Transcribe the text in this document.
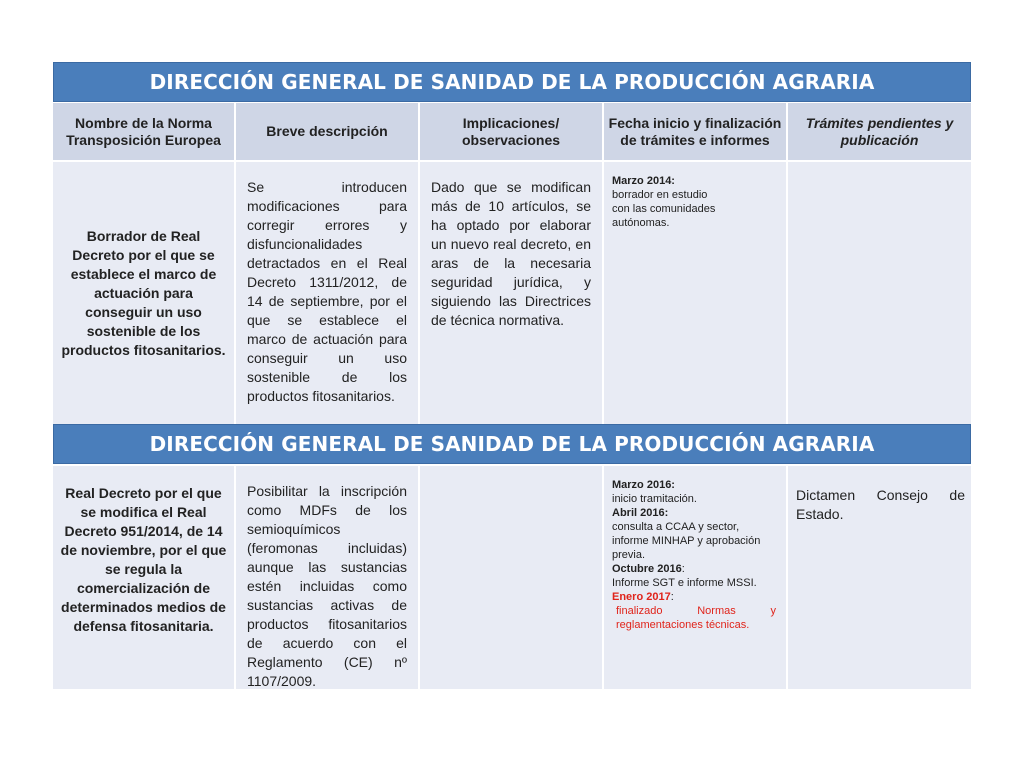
DIRECCIÓN GENERAL DE SANIDAD DE LA PRODUCCIÓN AGRARIA
Nombre de la Norma Transposición Europea
Breve descripción
Implicaciones/ observaciones
Fecha inicio y finalización de trámites e informes
Trámites pendientes y publicación
Borrador de Real Decreto por el que se establece el marco de actuación para conseguir un uso sostenible de los productos fitosanitarios.
Se introducen modificaciones para corregir errores y disfuncionalidades detractados en el Real Decreto 1311/2012, de 14 de septiembre, por el que se establece el marco de actuación para conseguir un uso sostenible de los productos fitosanitarios.
Dado que se modifican más de 10 artículos, se ha optado por elaborar un nuevo real decreto, en aras de la necesaria seguridad jurídica, y siguiendo las Directrices de técnica normativa.
Marzo 2014:
borrador en estudio
con las comunidades
autónomas.
DIRECCIÓN GENERAL DE SANIDAD DE LA PRODUCCIÓN AGRARIA
Real Decreto por el que se modifica el Real Decreto 951/2014, de 14 de noviembre, por el que se regula la comercialización de determinados medios de defensa fitosanitaria.
Posibilitar la inscripción como MDFs de los semioquímicos (feromonas incluidas) aunque las sustancias estén incluidas como sustancias activas de productos fitosanitarios de acuerdo con el Reglamento (CE) nº 1107/2009.
Marzo 2016:
inicio tramitación.
Abril 2016:
consulta a CCAA y sector, informe MINHAP y aprobación previa.
Octubre 2016:
Informe SGT e informe MSSI.
Enero 2017:

finalizado Normas y reglamentaciones técnicas.
Dictamen Consejo de Estado.
